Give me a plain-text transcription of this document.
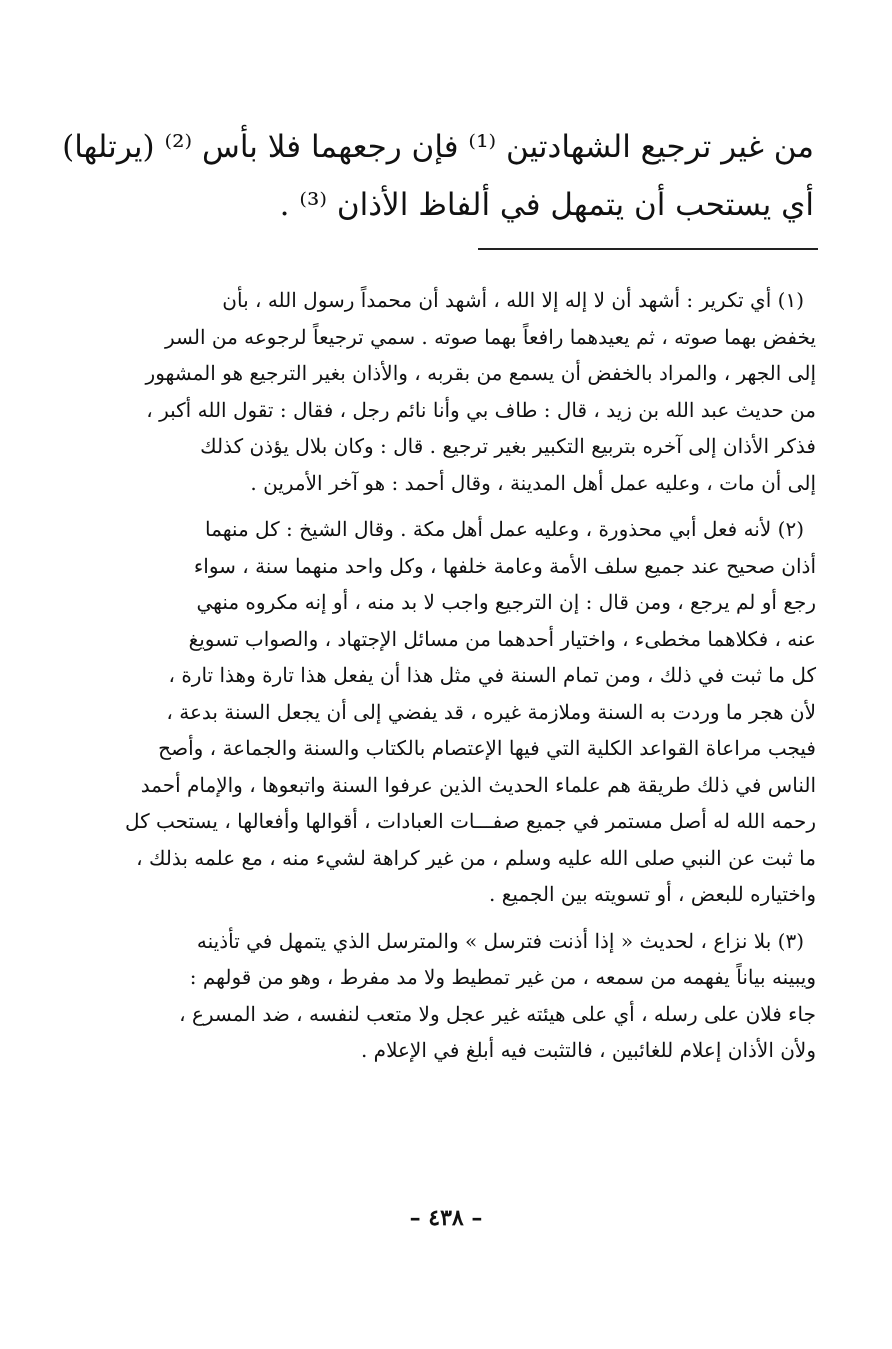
من غير ترجيع الشهادتين ⁽¹⁾ فإن رجعهما فلا بأس ⁽²⁾ (يرتلها)
أي يستحب أن يتمهل في ألفاظ الأذان ⁽³⁾ .
(١) أي تكرير : أشهد أن لا إله إلا الله ، أشهد أن محمداً رسول الله ، بأن
يخفض بهما صوته ، ثم يعيدهما رافعاً بهما صوته . سمي ترجيعاً لرجوعه من السر
إلى الجهر ، والمراد بالخفض أن يسمع من بقربه ، والأذان بغير الترجيع هو المشهور
من حديث عبد الله بن زيد ، قال : طاف بي وأنا نائم رجل ، فقال : تقول الله أكبر ،
فذكر الأذان إلى آخره بتربيع التكبير بغير ترجيع . قال : وكان بلال يؤذن كذلك
إلى أن مات ، وعليه عمل أهل المدينة ، وقال أحمد : هو آخر الأمرين .
(٢) لأنه فعل أبي محذورة ، وعليه عمل أهل مكة . وقال الشيخ : كل منهما
أذان صحيح عند جميع سلف الأمة وعامة خلفها ، وكل واحد منهما سنة ، سواء
رجع أو لم يرجع ، ومن قال : إن الترجيع واجب لا بد منه ، أو إنه مكروه منهي
عنه ، فكلاهما مخطىء ، واختيار أحدهما من مسائل الإجتهاد ، والصواب تسويغ
كل ما ثبت في ذلك ، ومن تمام السنة في مثل هذا أن يفعل هذا تارة وهذا تارة ،
لأن هجر ما وردت به السنة وملازمة غيره ، قد يفضي إلى أن يجعل السنة بدعة ،
فيجب مراعاة القواعد الكلية التي فيها الإعتصام بالكتاب والسنة والجماعة ، وأصح
الناس في ذلك طريقة هم علماء الحديث الذين عرفوا السنة واتبعوها ، والإمام أحمد
رحمه الله له أصل مستمر في جميع صفـــات العبادات ، أقوالها وأفعالها ، يستحب كل
ما ثبت عن النبي صلى الله عليه وسلم ، من غير كراهة لشيء منه ، مع علمه بذلك ،
واختياره للبعض ، أو تسويته بين الجميع .
(٣) بلا نزاع ، لحديث « إذا أذنت فترسل » والمترسل الذي يتمهل في تأذينه
ويبينه بياناً يفهمه من سمعه ، من غير تمطيط ولا مد مفرط ، وهو من قولهم :
جاء فلان على رسله ، أي على هيئته غير عجل ولا متعب لنفسه ، ضد المسرع ،
ولأن الأذان إعلام للغائبين ، فالتثبت فيه أبلغ في الإعلام .
– ٤٣٨ –
